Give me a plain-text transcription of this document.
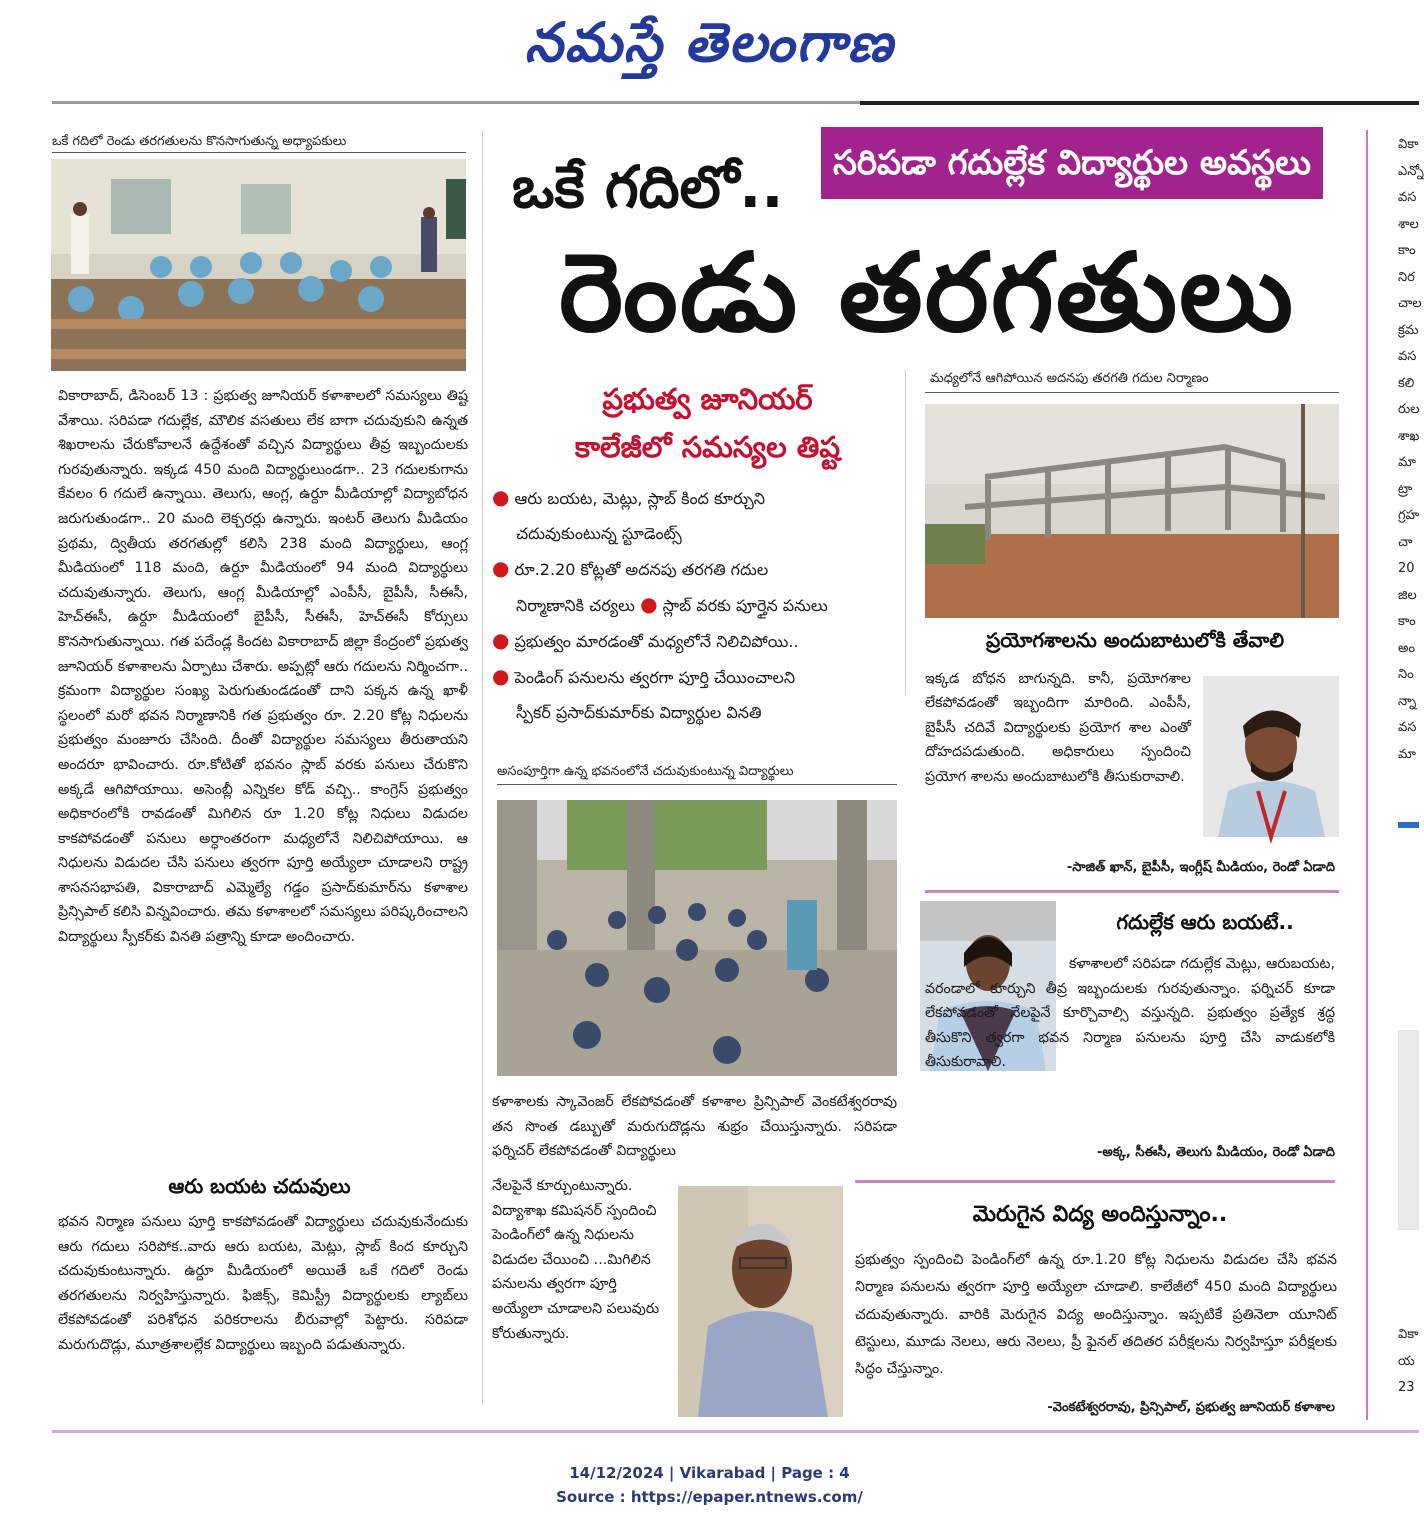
నమస్తే తెలంగాణ
ఒకే గదిలో రెండు తరగతులను కొనసాగుతున్న అధ్యాపకులు
వికారాబాద్, డిసెంబర్ 13 : ప్రభుత్వ జూనియర్ కళాశాలలో సమస్యలు తిష్ట వేశాయి. సరిపడా గదుల్లేక, మౌలిక వసతులు లేక బాగా చదువుకుని ఉన్నత శిఖరాలను చేరుకోవాలనే ఉద్దేశంతో వచ్చిన విద్యార్థులు తీవ్ర ఇబ్బందులకు గురవుతున్నారు. ఇక్కడ 450 మంది విద్యార్థులుండగా.. 23 గదులకుగాను కేవలం 6 గదులే ఉన్నాయి. తెలుగు, ఆంగ్ల, ఉర్దూ మీడియాల్లో విద్యాబోధన జరుగుతుండగా.. 20 మంది లెక్చరర్లు ఉన్నారు. ఇంటర్ తెలుగు మీడియం ప్రథమ, ద్వితీయ తరగతుల్లో కలిసి 238 మంది విద్యార్థులు, ఆంగ్ల మీడియంలో 118 మంది, ఉర్దూ మీడియంలో 94 మంది విద్యార్థులు చదువుతున్నారు. తెలుగు, ఆంగ్ల మీడియాల్లో ఎంపీసీ, బైపీసీ, సీఈసీ, హెచ్‌ఈసీ, ఉర్దూ మీడియంలో బైపీసీ, సీఈసీ, హెచ్‌ఈసీ కోర్సులు కొనసాగుతున్నాయి. గత పదేండ్ల కిందట వికారాబాద్ జిల్లా కేంద్రంలో ప్రభుత్వ జూనియర్ కళాశాలను ఏర్పాటు చేశారు. అప్పట్లో ఆరు గదులను నిర్మించగా.. క్రమంగా విద్యార్థుల సంఖ్య పెరుగుతుండడంతో దాని పక్కన ఉన్న ఖాళీ స్థలంలో మరో భవన నిర్మాణానికి గత ప్రభుత్వం రూ. 2.20 కోట్ల నిధులను ప్రభుత్వం మంజూరు చేసింది. దీంతో విద్యార్థుల సమస్యలు తీరుతాయని అందరూ భావించారు. రూ.కోటితో భవనం స్లాబ్ వరకు పనులు చేరుకొని అక్కడే ఆగిపోయాయి. అసెంబ్లీ ఎన్నికల కోడ్ వచ్చి.. కాంగ్రెస్ ప్రభుత్వం అధికారంలోకి రావడంతో మిగిలిన రూ 1.20 కోట్ల నిధులు విడుదల కాకపోవడంతో పనులు అర్ధాంతరంగా మధ్యలోనే నిలిచిపోయాయి. ఆ నిధులను విడుదల చేసి పనులు త్వరగా పూర్తి అయ్యేలా చూడాలని రాష్ట్ర శాసనసభాపతి, వికారాబాద్ ఎమ్మెల్యే గడ్డం ప్రసాద్‌కుమార్‌ను కళాశాల ప్రిన్సిపాల్ కలిసి విన్నవించారు. తమ కళాశాలలో సమస్యలు పరిష్కరించాలని విద్యార్థులు స్పీకర్‌కు వినతి పత్రాన్ని కూడా అందించారు.
ఆరు బయట చదువులు
భవన నిర్మాణ పనులు పూర్తి కాకపోవడంతో విద్యార్థులు చదువుకునేందుకు ఆరు గదులు సరిపోక..వారు ఆరు బయట, మెట్లు, స్లాబ్ కింద కూర్చుని చదువుకుంటున్నారు. ఉర్దూ మీడియంలో అయితే ఒకే గదిలో రెండు తరగతులను నిర్వహిస్తున్నారు. ఫిజిక్స్, కెమిస్ట్రీ విద్యార్థులకు ల్యాబ్‌లు లేకపోవడంతో పరిశోధన పరికరాలను బీరువాల్లో పెట్టారు. సరిపడా మరుగుదొడ్లు, మూత్రశాలల్లేక విద్యార్థులు ఇబ్బంది పడుతున్నారు.
సరిపడా గదుల్లేక విద్యార్థుల అవస్థలు
ఒకే గదిలో..
రెండు తరగతులు
ప్రభుత్వ జూనియర్
కాలేజీలో సమస్యల తిష్ట
● ఆరు బయట, మెట్లు, స్లాబ్ కింద కూర్చుని
చదువుకుంటున్న స్టూడెంట్స్
● రూ.2.20 కోట్లతో అదనపు తరగతి గదుల
నిర్మాణానికి చర్యలు ● స్లాబ్ వరకు పూర్తైన పనులు
● ప్రభుత్వం మారడంతో మధ్యలోనే నిలిచిపోయి..
● పెండింగ్ పనులను త్వరగా పూర్తి చేయించాలని
స్పీకర్ ప్రసాద్‌కుమార్‌కు విద్యార్థుల వినతి
అసంపూర్తిగా ఉన్న భవనంలోనే చదువుకుంటున్న విద్యార్థులు
కళాశాలకు స్కావెంజర్ లేకపోవడంతో కళాశాల ప్రిన్సిపాల్ వెంకటేశ్వరరావు తన సొంత డబ్బుతో మరుగుదొడ్లను శుభ్రం చేయిస్తున్నారు. సరిపడా ఫర్నిచర్ లేకపోవడంతో విద్యార్థులు
నేలపైనే కూర్చుంటున్నారు. విద్యాశాఖ కమిషనర్ స్పందించి పెండింగ్‌లో ఉన్న నిధులను విడుదల చేయించి ...మిగిలిన పనులను త్వరగా పూర్తి అయ్యేలా చూడాలని పలువురు కోరుతున్నారు.
మధ్యలోనే ఆగిపోయిన అదనపు తరగతి గదుల నిర్మాణం
ప్రయోగశాలను అందుబాటులోకి తేవాలి
ఇక్కడ బోధన బాగున్నది. కానీ, ప్రయోగశాల లేకపోవడంతో ఇబ్బందిగా మారింది. ఎంపీసీ, బైపీసీ చదివే విద్యార్థులకు ప్రయోగ శాల ఎంతో దోహదపడుతుంది. అధికారులు స్పందించి ప్రయోగ శాలను అందుబాటులోకి తీసుకురావాలి.
-సాజిత్ ఖాన్, బైపీసీ, ఇంగ్లీష్ మీడియం, రెండో ఏడాది
గదుల్లేక ఆరు బయటే..
కళాశాలలో సరిపడా గదుల్లేక మెట్లు, ఆరుబయట, వరండాలో కూర్చుని తీవ్ర ఇబ్బందులకు గురవుతున్నాం. ఫర్నిచర్ కూడా లేకపోవడంతో నేలపైనే కూర్చొవాల్సి వస్తున్నది. ప్రభుత్వం ప్రత్యేక శ్రద్ధ తీసుకొని త్వరగా భవన నిర్మాణ పనులను పూర్తి చేసి వాడుకలోకి తీసుకురావాలి.
-అక్క, సీఈసీ, తెలుగు మీడియం, రెండో ఏడాది
మెరుగైన విద్య అందిస్తున్నాం..
ప్రభుత్వం స్పందించి పెండింగ్‌లో ఉన్న రూ.1.20 కోట్ల నిధులను విడుదల చేసి భవన నిర్మాణ పనులను త్వరగా పూర్తి అయ్యేలా చూడాలి. కాలేజీలో 450 మంది విద్యార్థులు చదువుతున్నారు. వారికి మెరుగైన విద్య అందిస్తున్నాం. ఇప్పటికే ప్రతినెలా యూనిట్ టెస్టులు, మూడు నెలలు, ఆరు నెలలు, ప్రీ ఫైనల్ తదితర పరీక్షలను నిర్వహిస్తూ పరీక్షలకు సిద్ధం చేస్తున్నాం.
-వెంకటేశ్వరరావు, ప్రిన్సిపాల్, ప్రభుత్వ జూనియర్ కళాశాల
వికా
ఎన్నో
వస
శాల
కాం
నిర
చాల
క్రమ
వస
కలి
రుల
శాఖ
మా
ట్రా
గ్రహ
చా
20
జిల
కాం
అం
నిం
న్నా
వస
మా
వికా
య
23
14/12/2024 | Vikarabad | Page : 4
Source : https://epaper.ntnews.com/
